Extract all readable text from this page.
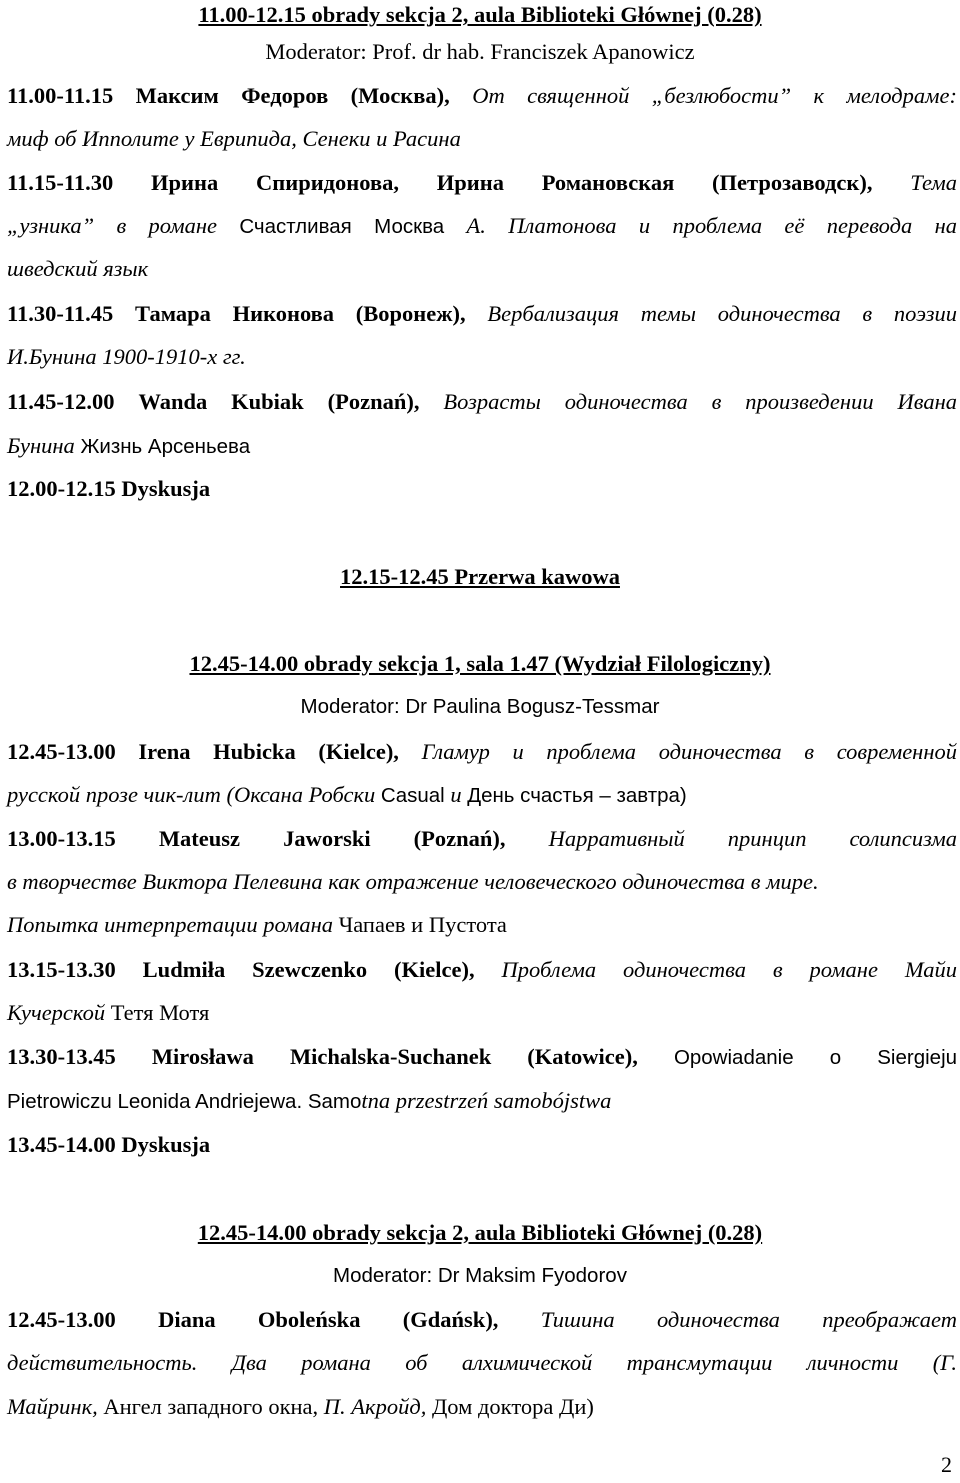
11.00-12.15 obrady sekcja 2, aula Biblioteki Głównej (0.28)

Moderator: Prof. dr hab. Franciszek Apanowicz

11.00-11.15 Максим Федоров (Москва), От священной „безлюбости” к мелодраме:

миф об Ипполите у Еврипида, Сенеки и Расина

11.15-11.30 Ирина Спиридонова, Ирина Романовская (Петрозаводск), Тема

„узника” в романе Счастливая Москва А. Платонова и проблема её перевода на

шведский язык

11.30-11.45 Тамара Никонова (Воронеж), Вербализация темы одиночества в поэзии

И.Бунина 1900-1910-х гг.

11.45-12.00 Wanda Kubiak (Poznań), Возрасты одиночества в произведении Ивана

Бунина Жизнь Арсеньева

12.00-12.15 Dyskusja

12.15-12.45 Przerwa kawowa

12.45-14.00 obrady sekcja 1, sala 1.47 (Wydział Filologiczny)

Moderator: Dr Paulina Bogusz-Tessmar

12.45-13.00 Irena Hubicka (Kielce), Гламур и проблема одиночества в современной

русской прозе чик-лит (Оксана Робски Casual и День счастья – завтра)

13.00-13.15 Mateusz Jaworski (Poznań), Нарративный принцип солипсизма

в творчестве Виктора Пелевина как отражение человеческого одиночества в мире.

Попытка интерпретации романа Чапаев и Пустота

13.15-13.30 Ludmiła Szewczenko (Kielce), Проблема одиночества в романе Майи

Кучерской Тетя Мотя

13.30-13.45 Mirosława Michalska-Suchanek (Katowice), Opowiadanie o Siergieju

Pietrowiczu Leonida Andriejewa. Samotna przestrzeń samobójstwa

13.45-14.00 Dyskusja

12.45-14.00 obrady sekcja 2, aula Biblioteki Głównej (0.28)

Moderator: Dr Maksim Fyodorov

12.45-13.00 Diana Oboleńska (Gdańsk), Тишина одиночества преображает

действительность. Два романа об алхимической трансмутации личности (Г.

Майринк, Ангел западного окна, П. Акройд, Дом доктора Ди)

2
